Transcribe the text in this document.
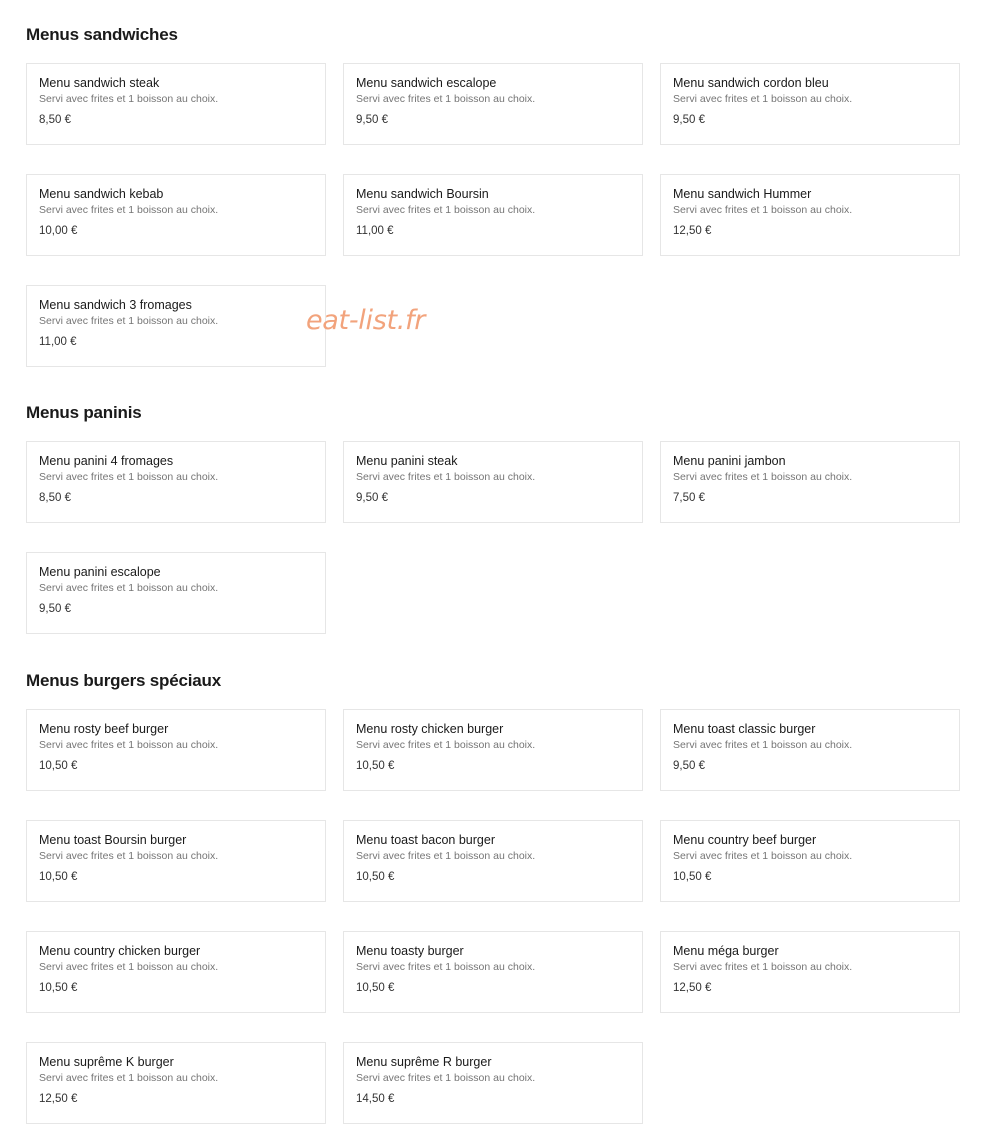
Menus sandwiches
Menu sandwich steak
Servi avec frites et 1 boisson au choix.
8,50 €
Menu sandwich escalope
Servi avec frites et 1 boisson au choix.
9,50 €
Menu sandwich cordon bleu
Servi avec frites et 1 boisson au choix.
9,50 €
Menu sandwich kebab
Servi avec frites et 1 boisson au choix.
10,00 €
Menu sandwich Boursin
Servi avec frites et 1 boisson au choix.
11,00 €
Menu sandwich Hummer
Servi avec frites et 1 boisson au choix.
12,50 €
Menu sandwich 3 fromages
Servi avec frites et 1 boisson au choix.
11,00 €
Menus paninis
Menu panini 4 fromages
Servi avec frites et 1 boisson au choix.
8,50 €
Menu panini steak
Servi avec frites et 1 boisson au choix.
9,50 €
Menu panini jambon
Servi avec frites et 1 boisson au choix.
7,50 €
Menu panini escalope
Servi avec frites et 1 boisson au choix.
9,50 €
Menus burgers spéciaux
Menu rosty beef burger
Servi avec frites et 1 boisson au choix.
10,50 €
Menu rosty chicken burger
Servi avec frites et 1 boisson au choix.
10,50 €
Menu toast classic burger
Servi avec frites et 1 boisson au choix.
9,50 €
Menu toast Boursin burger
Servi avec frites et 1 boisson au choix.
10,50 €
Menu toast bacon burger
Servi avec frites et 1 boisson au choix.
10,50 €
Menu country beef burger
Servi avec frites et 1 boisson au choix.
10,50 €
Menu country chicken burger
Servi avec frites et 1 boisson au choix.
10,50 €
Menu toasty burger
Servi avec frites et 1 boisson au choix.
10,50 €
Menu méga burger
Servi avec frites et 1 boisson au choix.
12,50 €
Menu suprême K burger
Servi avec frites et 1 boisson au choix.
12,50 €
Menu suprême R burger
Servi avec frites et 1 boisson au choix.
14,50 €
eat-list.fr
